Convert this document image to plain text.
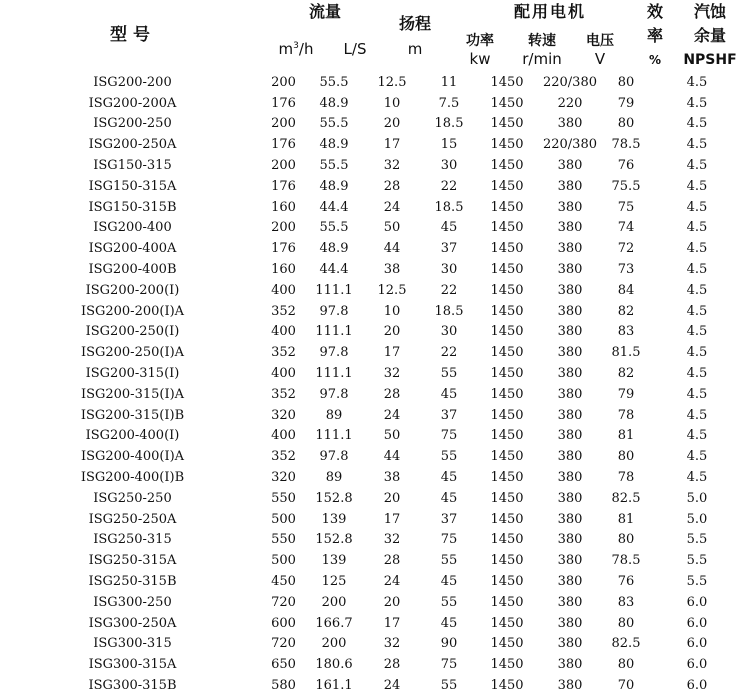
型 号
流量
$m^3/h$	L/S
扬程
m
配用电机
功率
kw
转速
r/min
电压
V
效
率
%
汽蚀
余量
NPSHF
ISG200-200	200	55.5	12.5	11	1450	220/380	80	4.5
ISG200-200A	176	48.9	10	7.5	1450	220	79	4.5
ISG200-250	200	55.5	20	18.5	1450	380	80	4.5
ISG200-250A	176	48.9	17	15	1450	220/380	78.5	4.5
ISG150-315	200	55.5	32	30	1450	380	76	4.5
ISG150-315A	176	48.9	28	22	1450	380	75.5	4.5
ISG150-315B	160	44.4	24	18.5	1450	380	75	4.5
ISG200-400	200	55.5	50	45	1450	380	74	4.5
ISG200-400A	176	48.9	44	37	1450	380	72	4.5
ISG200-400B	160	44.4	38	30	1450	380	73	4.5
ISG200-200(I)	400	111.1	12.5	22	1450	380	84	4.5
ISG200-200(I)A	352	97.8	10	18.5	1450	380	82	4.5
ISG200-250(I)	400	111.1	20	30	1450	380	83	4.5
ISG200-250(I)A	352	97.8	17	22	1450	380	81.5	4.5
ISG200-315(I)	400	111.1	32	55	1450	380	82	4.5
ISG200-315(I)A	352	97.8	28	45	1450	380	79	4.5
ISG200-315(I)B	320	89	24	37	1450	380	78	4.5
ISG200-400(I)	400	111.1	50	75	1450	380	81	4.5
ISG200-400(I)A	352	97.8	44	55	1450	380	80	4.5
ISG200-400(I)B	320	89	38	45	1450	380	78	4.5
ISG250-250	550	152.8	20	45	1450	380	82.5	5.0
ISG250-250A	500	139	17	37	1450	380	81	5.0
ISG250-315	550	152.8	32	75	1450	380	80	5.5
ISG250-315A	500	139	28	55	1450	380	78.5	5.5
ISG250-315B	450	125	24	45	1450	380	76	5.5
ISG300-250	720	200	20	55	1450	380	83	6.0
ISG300-250A	600	166.7	17	45	1450	380	80	6.0
ISG300-315	720	200	32	90	1450	380	82.5	6.0
ISG300-315A	650	180.6	28	75	1450	380	80	6.0
ISG300-315B	580	161.1	24	55	1450	380	70	6.0
